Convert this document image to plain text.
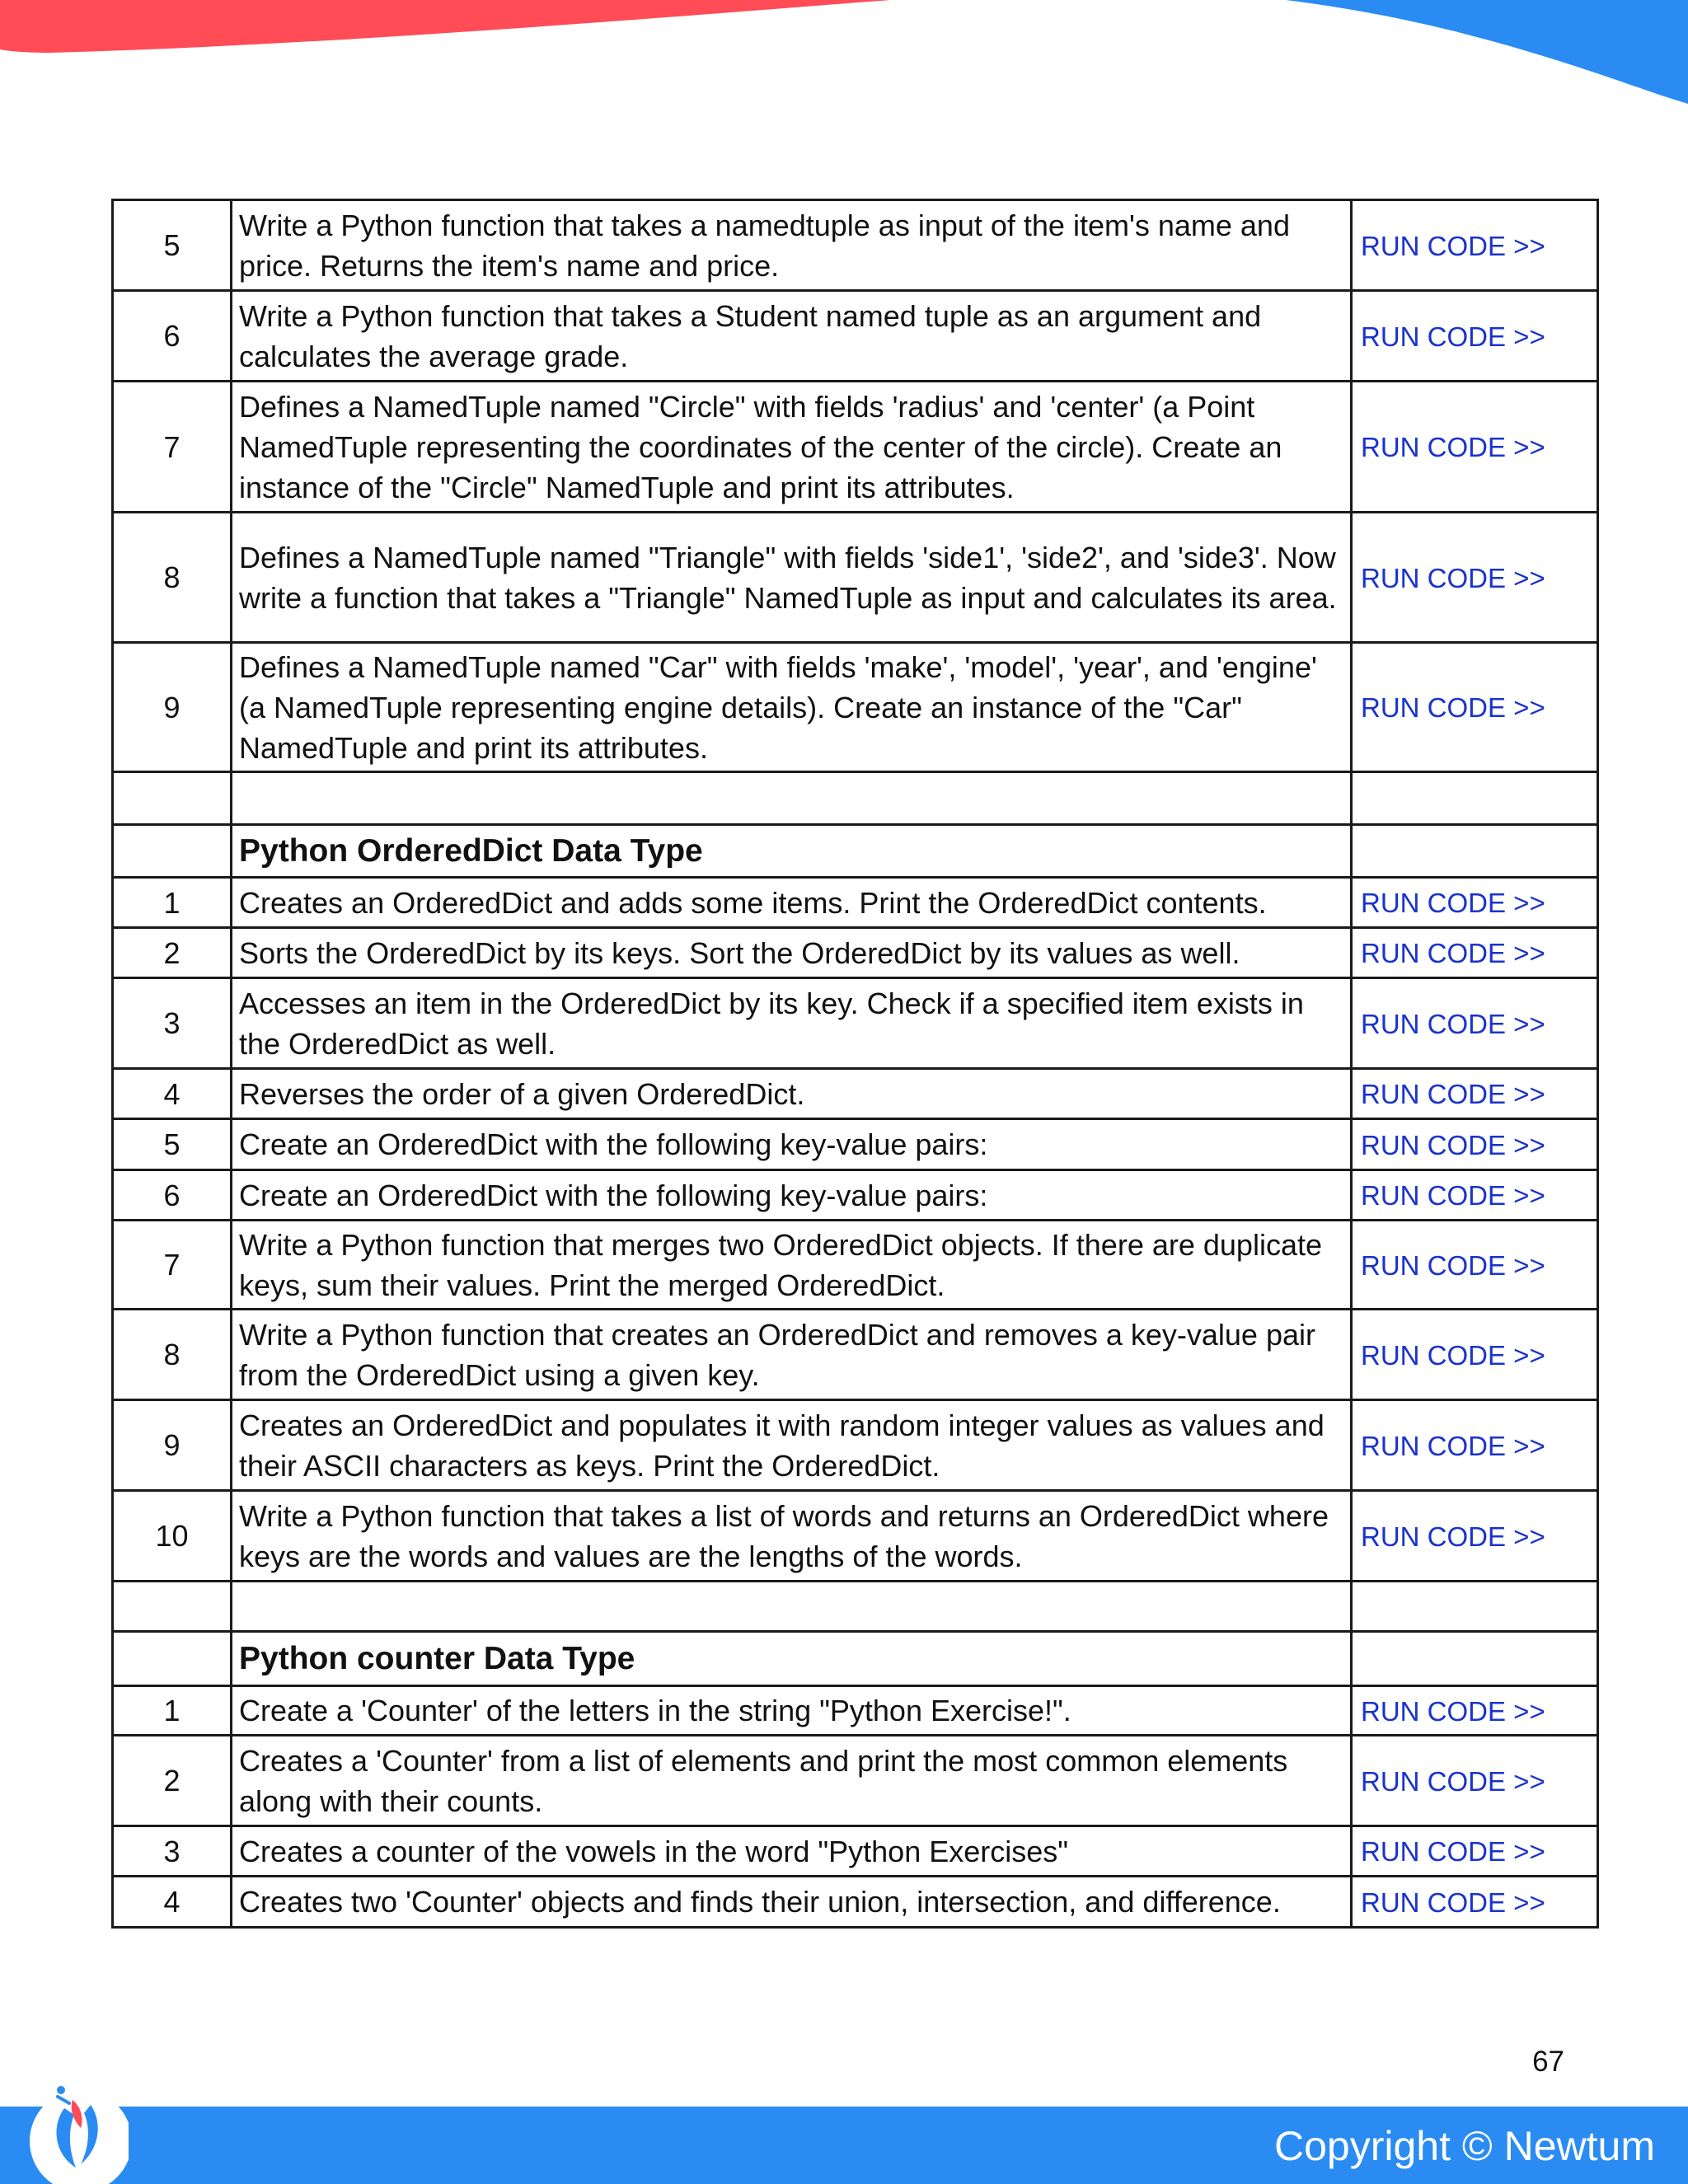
5	Write a Python function that takes a namedtuple as input of the item's name and price. Returns the item's name and price.	RUN CODE >>
6	Write a Python function that takes a Student named tuple as an argument and calculates the average grade.	RUN CODE >>
7	Defines a NamedTuple named "Circle" with fields 'radius' and 'center' (a Point NamedTuple representing the coordinates of the center of the circle). Create an instance of the "Circle" NamedTuple and print its attributes.	RUN CODE >>
8	Defines a NamedTuple named "Triangle" with fields 'side1', 'side2', and 'side3'. Now write a function that takes a "Triangle" NamedTuple as input and calculates its area.	RUN CODE >>
9	Defines a NamedTuple named "Car" with fields 'make', 'model', 'year', and 'engine' (a NamedTuple representing engine details). Create an instance of the "Car" NamedTuple and print its attributes.	RUN CODE >>

	Python OrderedDict Data Type	
1	Creates an OrderedDict and adds some items. Print the OrderedDict contents.	RUN CODE >>
2	Sorts the OrderedDict by its keys. Sort the OrderedDict by its values as well.	RUN CODE >>
3	Accesses an item in the OrderedDict by its key. Check if a specified item exists in the OrderedDict as well.	RUN CODE >>
4	Reverses the order of a given OrderedDict.	RUN CODE >>
5	Create an OrderedDict with the following key-value pairs:	RUN CODE >>
6	Create an OrderedDict with the following key-value pairs:	RUN CODE >>
7	Write a Python function that merges two OrderedDict objects. If there are duplicate keys, sum their values. Print the merged OrderedDict.	RUN CODE >>
8	Write a Python function that creates an OrderedDict and removes a key-value pair from the OrderedDict using a given key.	RUN CODE >>
9	Creates an OrderedDict and populates it with random integer values as values and their ASCII characters as keys. Print the OrderedDict.	RUN CODE >>
10	Write a Python function that takes a list of words and returns an OrderedDict where keys are the words and values are the lengths of the words.	RUN CODE >>

	Python counter Data Type	
1	Create a 'Counter' of the letters in the string "Python Exercise!".	RUN CODE >>
2	Creates a 'Counter' from a list of elements and print the most common elements along with their counts.	RUN CODE >>
3	Creates a counter of the vowels in the word "Python Exercises"	RUN CODE >>
4	Creates two 'Counter' objects and finds their union, intersection, and difference.	RUN CODE >>
67
Copyright © Newtum
